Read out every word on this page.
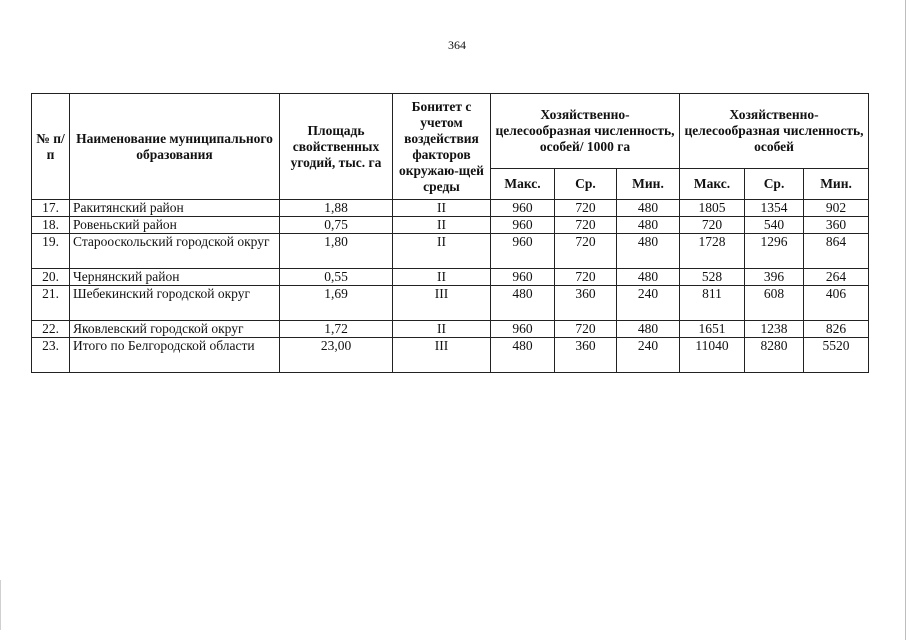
364
№ п/п	Наименование муниципального образования	Площадь свойственных угодий, тыс. га	Бонитет с учетом воздействия факторов окружаю-щей среды	Хозяйственно-целесообразная численность, особей/ 1000 га			Хозяйственно-целесообразная численность, особей		
				Макс.	Ср.	Мин.	Макс.	Ср.	Мин.
17.	Ракитянский район	1,88	II	960	720	480	1805	1354	902
18.	Ровеньский район	0,75	II	960	720	480	720	540	360
19.	Старооскольский городской округ	1,80	II	960	720	480	1728	1296	864
20.	Чернянский район	0,55	II	960	720	480	528	396	264
21.	Шебекинский городской округ	1,69	III	480	360	240	811	608	406
22.	Яковлевский городской округ	1,72	II	960	720	480	1651	1238	826
23.	Итого по Белгородской области	23,00	III	480	360	240	11040	8280	5520
